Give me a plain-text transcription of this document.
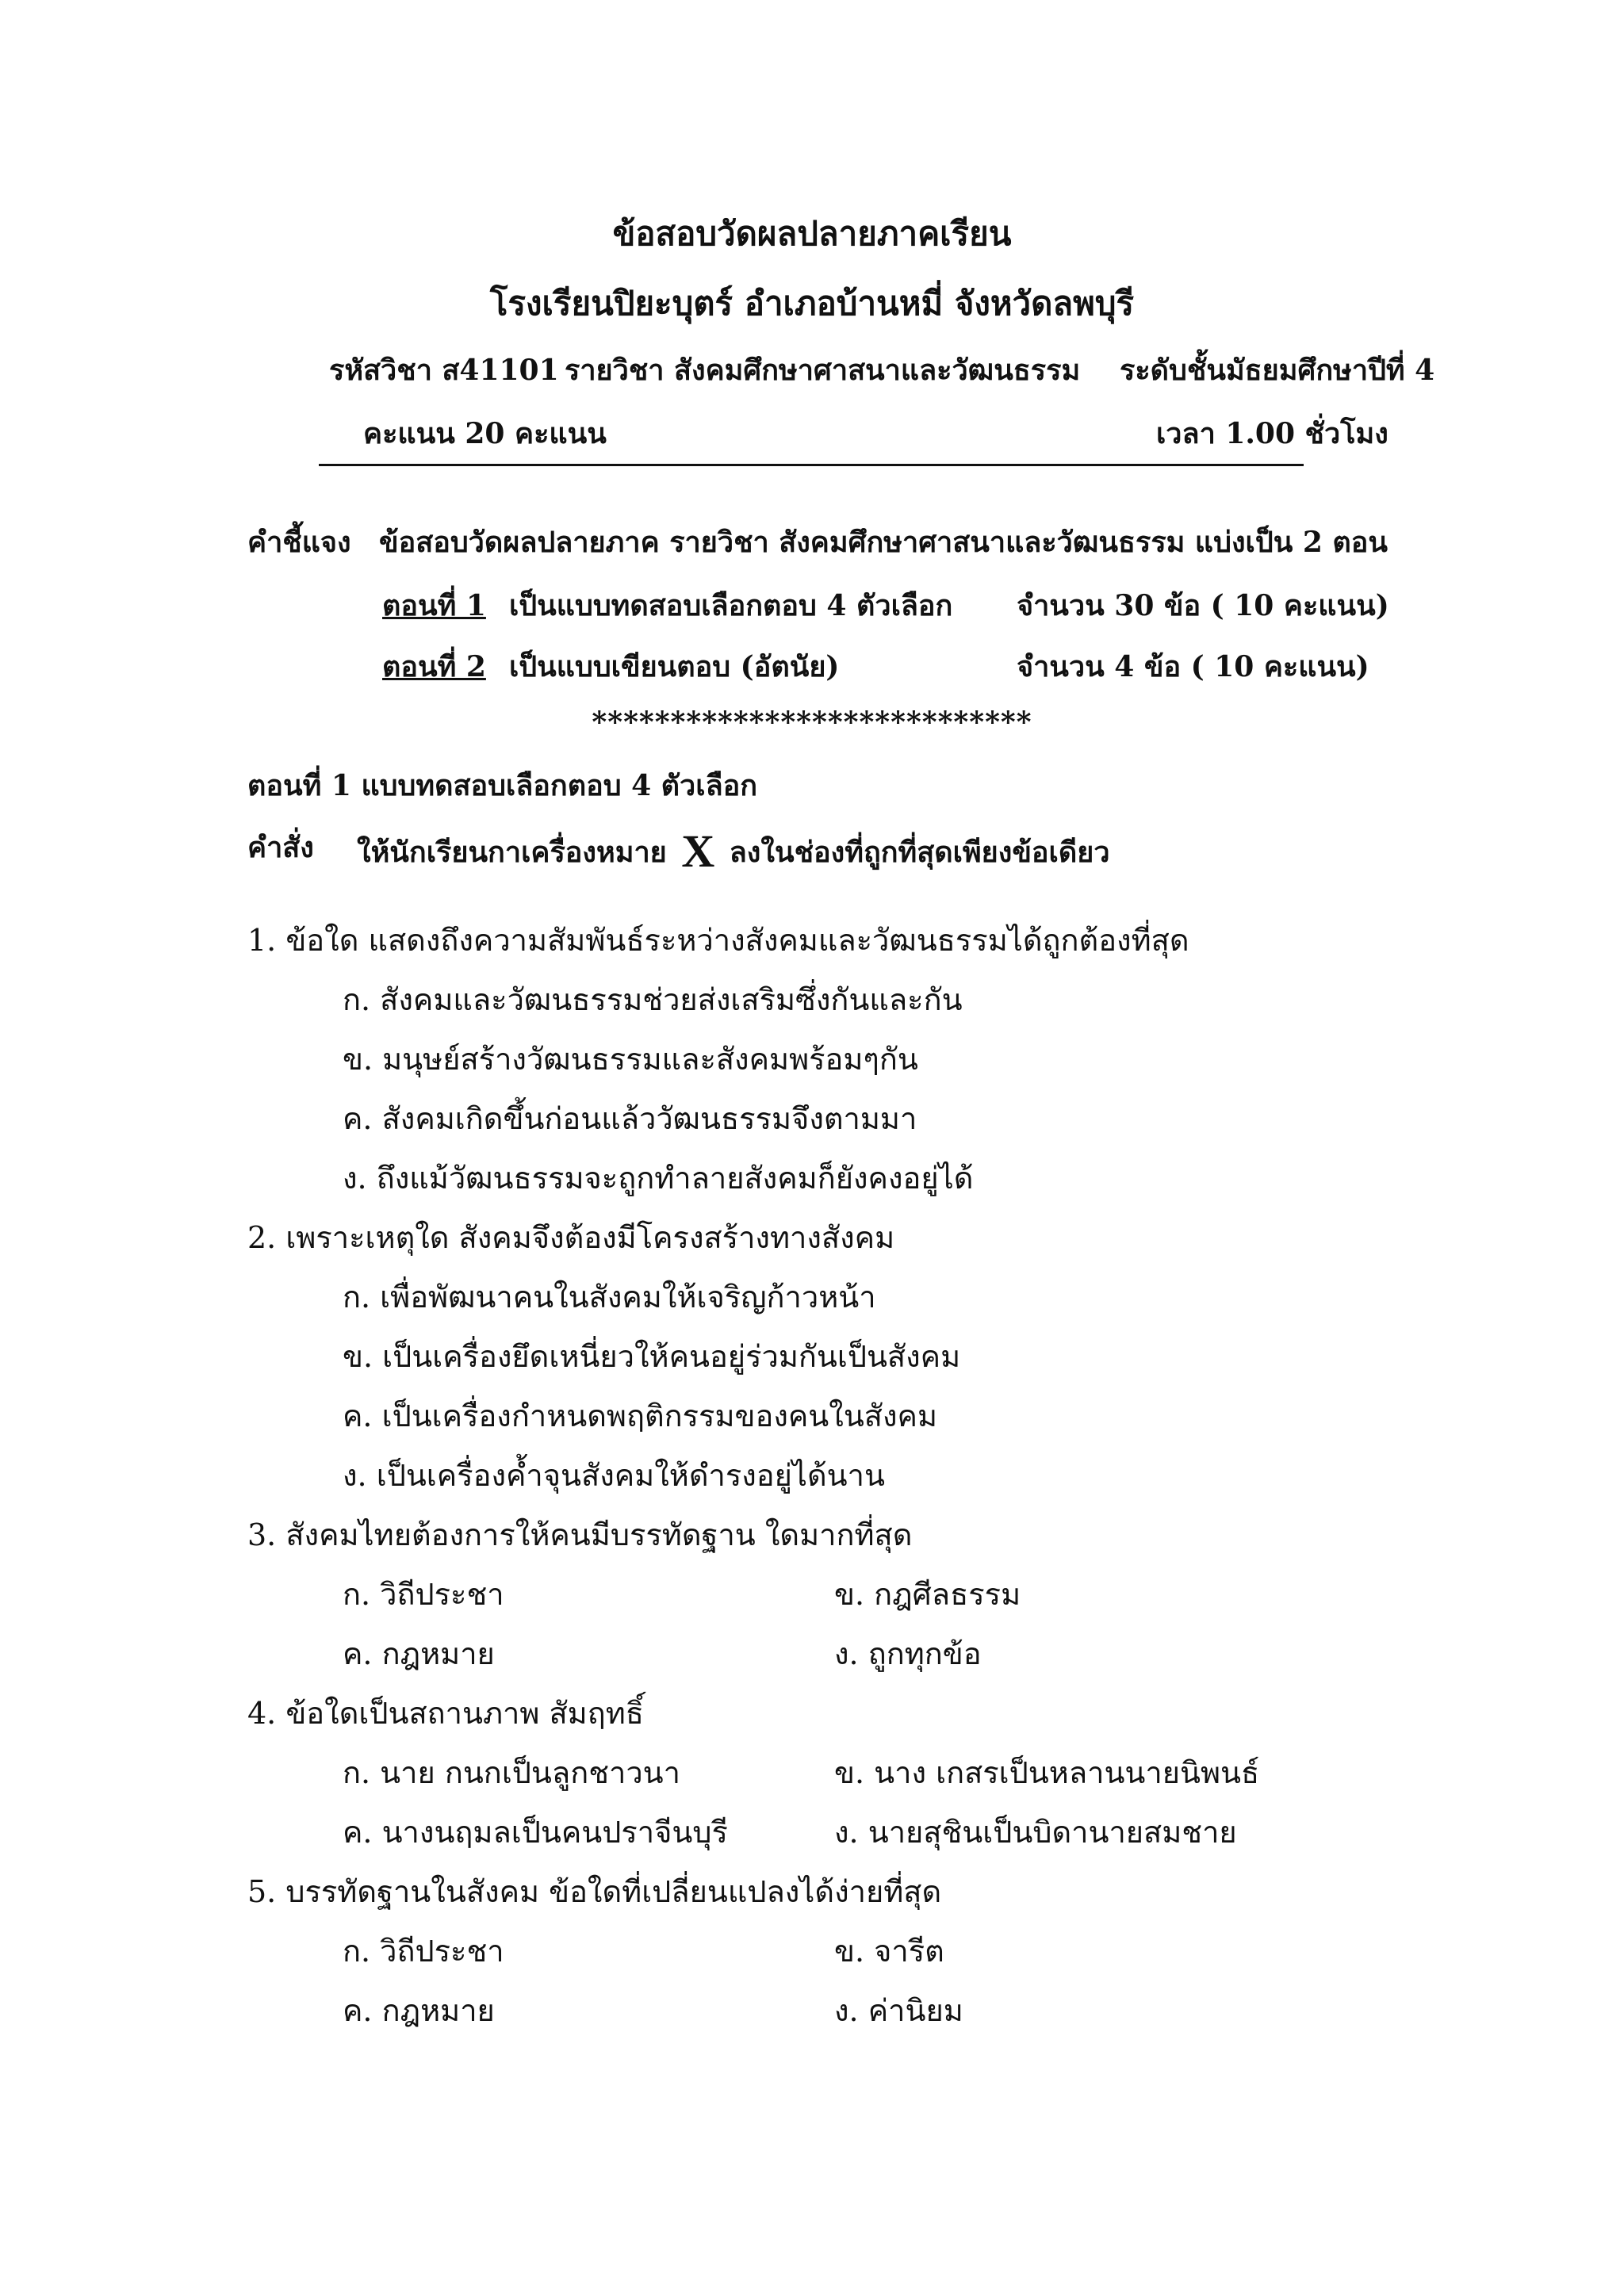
ข้อสอบวัดผลปลายภาคเรียน
โรงเรียนปิยะบุตร์ อำเภอบ้านหมี่ จังหวัดลพบุรี
รหัสวิชา ส41101 รายวิชา สังคมศึกษาศาสนาและวัฒนธรรม ระดับชั้นมัธยมศึกษาปีที่ 4
คะแนน 20 คะแนน	เวลา 1.00 ชั่วโมง
คำชี้แจง ข้อสอบวัดผลปลายภาค รายวิชา สังคมศึกษาศาสนาและวัฒนธรรม แบ่งเป็น 2 ตอน
ตอนที่ 1 เป็นแบบทดสอบเลือกตอบ 4 ตัวเลือก จำนวน 30 ข้อ ( 10 คะแนน)
ตอนที่ 2 เป็นแบบเขียนตอบ (อัตนัย)	จำนวน 4 ข้อ ( 10 คะแนน)
****************************
ตอนที่ 1 แบบทดสอบเลือกตอบ 4 ตัวเลือก
คำสั่ง ให้นักเรียนกาเครื่องหมาย X ลงในช่องที่ถูกที่สุดเพียงข้อเดียว
1. ข้อใด แสดงถึงความสัมพันธ์ระหว่างสังคมและวัฒนธรรมได้ถูกต้องที่สุด
ก. สังคมและวัฒนธรรมช่วยส่งเสริมซึ่งกันและกัน
ข. มนุษย์สร้างวัฒนธรรมและสังคมพร้อมๆกัน
ค. สังคมเกิดขึ้นก่อนแล้ววัฒนธรรมจึงตามมา
ง. ถึงแม้วัฒนธรรมจะถูกทำลายสังคมก็ยังคงอยู่ได้
2. เพราะเหตุใด สังคมจึงต้องมีโครงสร้างทางสังคม
ก. เพื่อพัฒนาคนในสังคมให้เจริญก้าวหน้า
ข. เป็นเครื่องยึดเหนี่ยวให้คนอยู่ร่วมกันเป็นสังคม
ค. เป็นเครื่องกำหนดพฤติกรรมของคนในสังคม
ง. เป็นเครื่องค้ำจุนสังคมให้ดำรงอยู่ได้นาน
3. สังคมไทยต้องการให้คนมีบรรทัดฐาน ใดมากที่สุด
ก. วิถีประชา	ข. กฎศีลธรรม
ค. กฎหมาย	ง. ถูกทุกข้อ
4. ข้อใดเป็นสถานภาพ สัมฤทธิ์
ก. นาย กนกเป็นลูกชาวนา	ข. นาง เกสรเป็นหลานนายนิพนธ์
ค. นางนฤมลเป็นคนปราจีนบุรี	ง. นายสุชินเป็นบิดานายสมชาย
5. บรรทัดฐานในสังคม ข้อใดที่เปลี่ยนแปลงได้ง่ายที่สุด
ก. วิถีประชา	ข. จารีต
ค. กฎหมาย	ง. ค่านิยม
